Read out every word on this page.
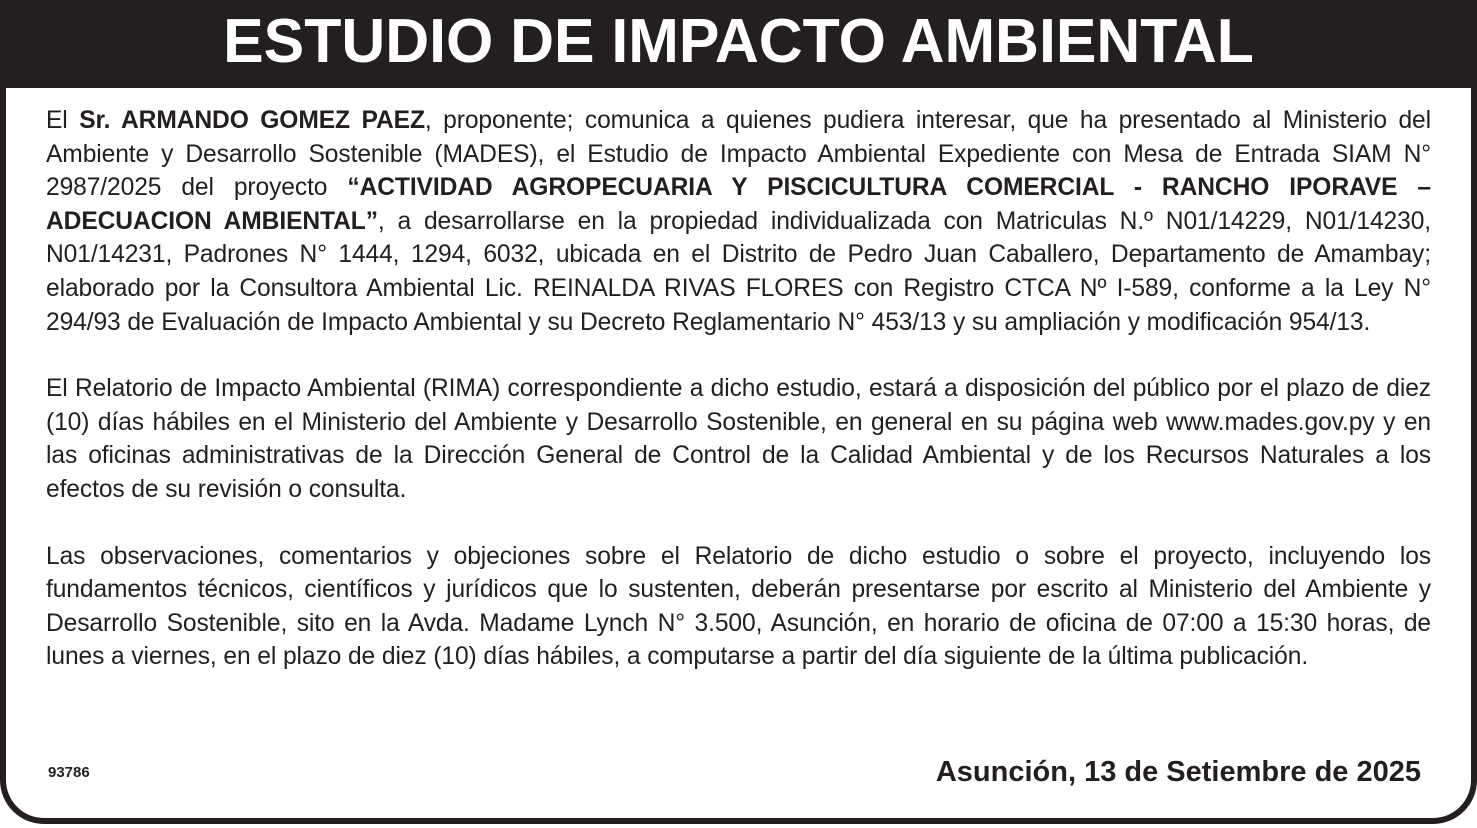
ESTUDIO DE IMPACTO AMBIENTAL

El Sr. ARMANDO GOMEZ PAEZ, proponente; comunica a quienes pudiera interesar, que ha presentado al Ministerio del Ambiente y Desarrollo Sostenible (MADES), el Estudio de Impacto Ambiental Expediente con Mesa de Entrada SIAM N° 2987/2025 del proyecto “ACTIVIDAD AGROPECUARIA Y PISCICULTURA COMERCIAL - RANCHO IPORAVE – ADECUACION AMBIENTAL”, a desarrollarse en la propiedad individualizada con Matriculas N.º N01/14229, N01/14230, N01/14231, Padrones N° 1444, 1294, 6032, ubicada en el Distrito de Pedro Juan Caballero, Departamento de Amambay; elaborado por la Consultora Ambiental Lic. REINALDA RIVAS FLORES con Registro CTCA Nº I-589, conforme a la Ley N° 294/93 de Evaluación de Impacto Ambiental y su Decreto Reglamentario N° 453/13 y su ampliación y modificación 954/13.

El Relatorio de Impacto Ambiental (RIMA) correspondiente a dicho estudio, estará a disposición del público por el plazo de diez (10) días hábiles en el Ministerio del Ambiente y Desarrollo Sostenible, en general en su página web www.mades.gov.py y en las oficinas administrativas de la Dirección General de Control de la Calidad Ambiental y de los Recursos Naturales a los efectos de su revisión o consulta.

Las observaciones, comentarios y objeciones sobre el Relatorio de dicho estudio o sobre el proyecto, incluyendo los fundamentos técnicos, científicos y jurídicos que lo sustenten, deberán presentarse por escrito al Ministerio del Ambiente y Desarrollo Sostenible, sito en la Avda. Madame Lynch N° 3.500, Asunción, en horario de oficina de 07:00 a 15:30 horas, de lunes a viernes, en el plazo de diez (10) días hábiles, a computarse a partir del día siguiente de la última publicación.

93786	Asunción, 13 de Setiembre de 2025
